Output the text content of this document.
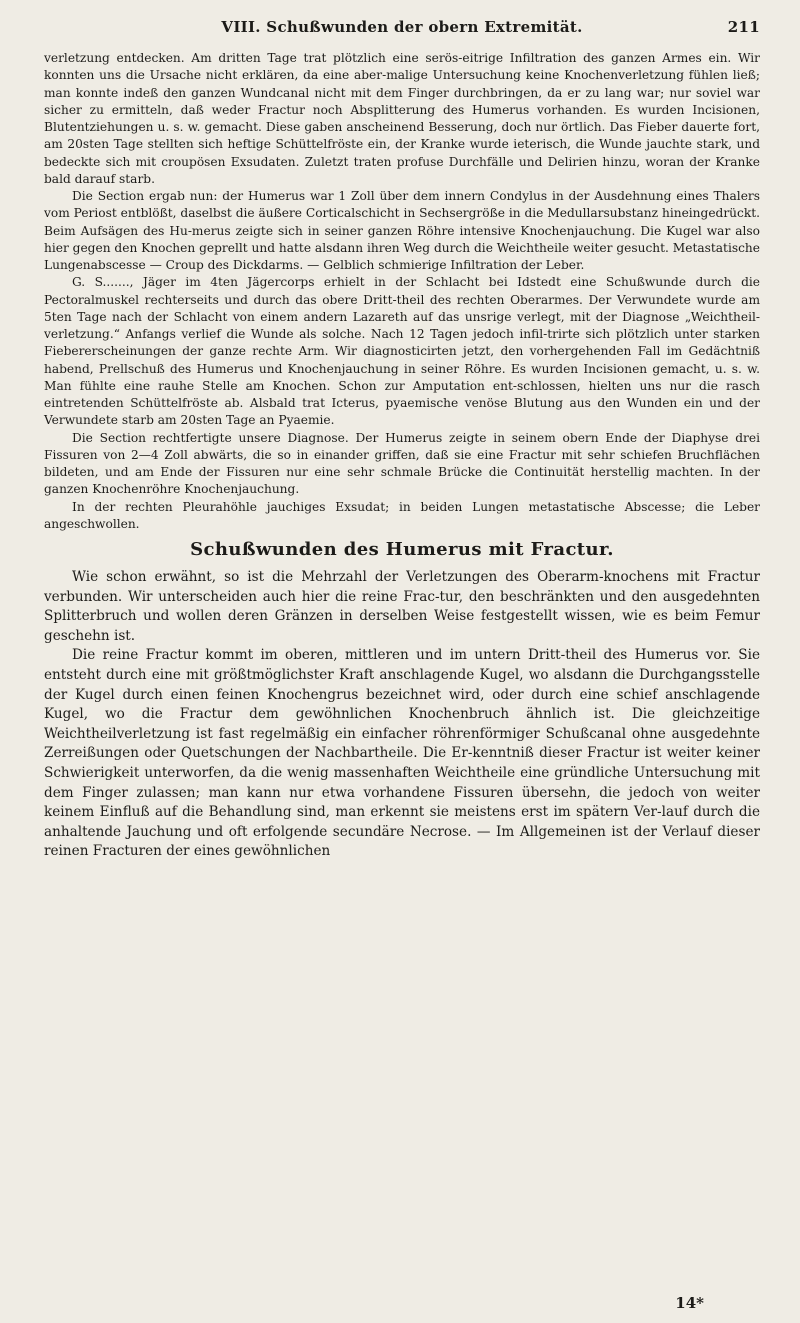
VIII. Schußwunden der obern Extremität.	211

verletzung entdecken. Am dritten Tage trat plötzlich eine serös-eitrige Infiltration des ganzen Armes ein. Wir konnten uns die Ursache nicht erklären, da eine aber-malige Untersuchung keine Knochenverletzung fühlen ließ; man konnte indeß den ganzen Wundcanal nicht mit dem Finger durchbringen, da er zu lang war; nur soviel war sicher zu ermitteln, daß weder Fractur noch Absplitterung des Humerus vorhanden. Es wurden Incisionen, Blutentziehungen u. s. w. gemacht. Diese gaben anscheinend Besserung, doch nur örtlich. Das Fieber dauerte fort, am 20sten Tage stellten sich heftige Schüttelfröste ein, der Kranke wurde ieterisch, die Wunde jauchte stark, und bedeckte sich mit croupösen Exsudaten. Zuletzt traten profuse Durchfälle und Delirien hinzu, woran der Kranke bald darauf starb.

Die Section ergab nun: der Humerus war 1 Zoll über dem innern Condylus in der Ausdehnung eines Thalers vom Periost entblößt, daselbst die äußere Corticalschicht in Sechsergröße in die Medullarsubstanz hineingedrückt. Beim Aufsägen des Hu-merus zeigte sich in seiner ganzen Röhre intensive Knochenjauchung. Die Kugel war also hier gegen den Knochen geprellt und hatte alsdann ihren Weg durch die Weichtheile weiter gesucht. Metastatische Lungenabscesse — Croup des Dickdarms. — Gelblich schmierige Infiltration der Leber.

G. S......., Jäger im 4ten Jägercorps erhielt in der Schlacht bei Idstedt eine Schußwunde durch die Pectoralmuskel rechterseits und durch das obere Dritt-theil des rechten Oberarmes. Der Verwundete wurde am 5ten Tage nach der Schlacht von einem andern Lazareth auf das unsrige verlegt, mit der Diagnose „Weichtheil-verletzung.“ Anfangs verlief die Wunde als solche. Nach 12 Tagen jedoch infil-trirte sich plötzlich unter starken Fiebererscheinungen der ganze rechte Arm. Wir diagnosticirten jetzt, den vorhergehenden Fall im Gedächtniß habend, Prellschuß des Humerus und Knochenjauchung in seiner Röhre. Es wurden Incisionen gemacht, u. s. w. Man fühlte eine rauhe Stelle am Knochen. Schon zur Amputation ent-schlossen, hielten uns nur die rasch eintretenden Schüttelfröste ab. Alsbald trat Icterus, pyaemische venöse Blutung aus den Wunden ein und der Verwundete starb am 20sten Tage an Pyaemie.

Die Section rechtfertigte unsere Diagnose. Der Humerus zeigte in seinem obern Ende der Diaphyse drei Fissuren von 2—4 Zoll abwärts, die so in einander griffen, daß sie eine Fractur mit sehr schiefen Bruchflächen bildeten, und am Ende der Fissuren nur eine sehr schmale Brücke die Continuität herstellig machten. In der ganzen Knochenröhre Knochenjauchung.

In der rechten Pleurahöhle jauchiges Exsudat; in beiden Lungen metastatische Abscesse; die Leber angeschwollen.

Schußwunden des Humerus mit Fractur.

Wie schon erwähnt, so ist die Mehrzahl der Verletzungen des Oberarm-knochens mit Fractur verbunden. Wir unterscheiden auch hier die reine Frac-tur, den beschränkten und den ausgedehnten Splitterbruch und wollen deren Gränzen in derselben Weise festgestellt wissen, wie es beim Femur geschehn ist.

Die reine Fractur kommt im oberen, mittleren und im untern Dritt-theil des Humerus vor. Sie entsteht durch eine mit größtmöglichster Kraft anschlagende Kugel, wo alsdann die Durchgangsstelle der Kugel durch einen feinen Knochengrus bezeichnet wird, oder durch eine schief anschlagende Kugel, wo die Fractur dem gewöhnlichen Knochenbruch ähnlich ist. Die gleichzeitige Weichtheilverletzung ist fast regelmäßig ein einfacher röhrenförmiger Schußcanal ohne ausgedehnte Zerreißungen oder Quetschungen der Nachbartheile. Die Er-kenntniß dieser Fractur ist weiter keiner Schwierigkeit unterworfen, da die wenig massenhaften Weichtheile eine gründliche Untersuchung mit dem Finger zulassen; man kann nur etwa vorhandene Fissuren übersehn, die jedoch von weiter keinem Einfluß auf die Behandlung sind, man erkennt sie meistens erst im spätern Ver-lauf durch die anhaltende Jauchung und oft erfolgende secundäre Necrose. — Im Allgemeinen ist der Verlauf dieser reinen Fracturen der eines gewöhnlichen

14*
